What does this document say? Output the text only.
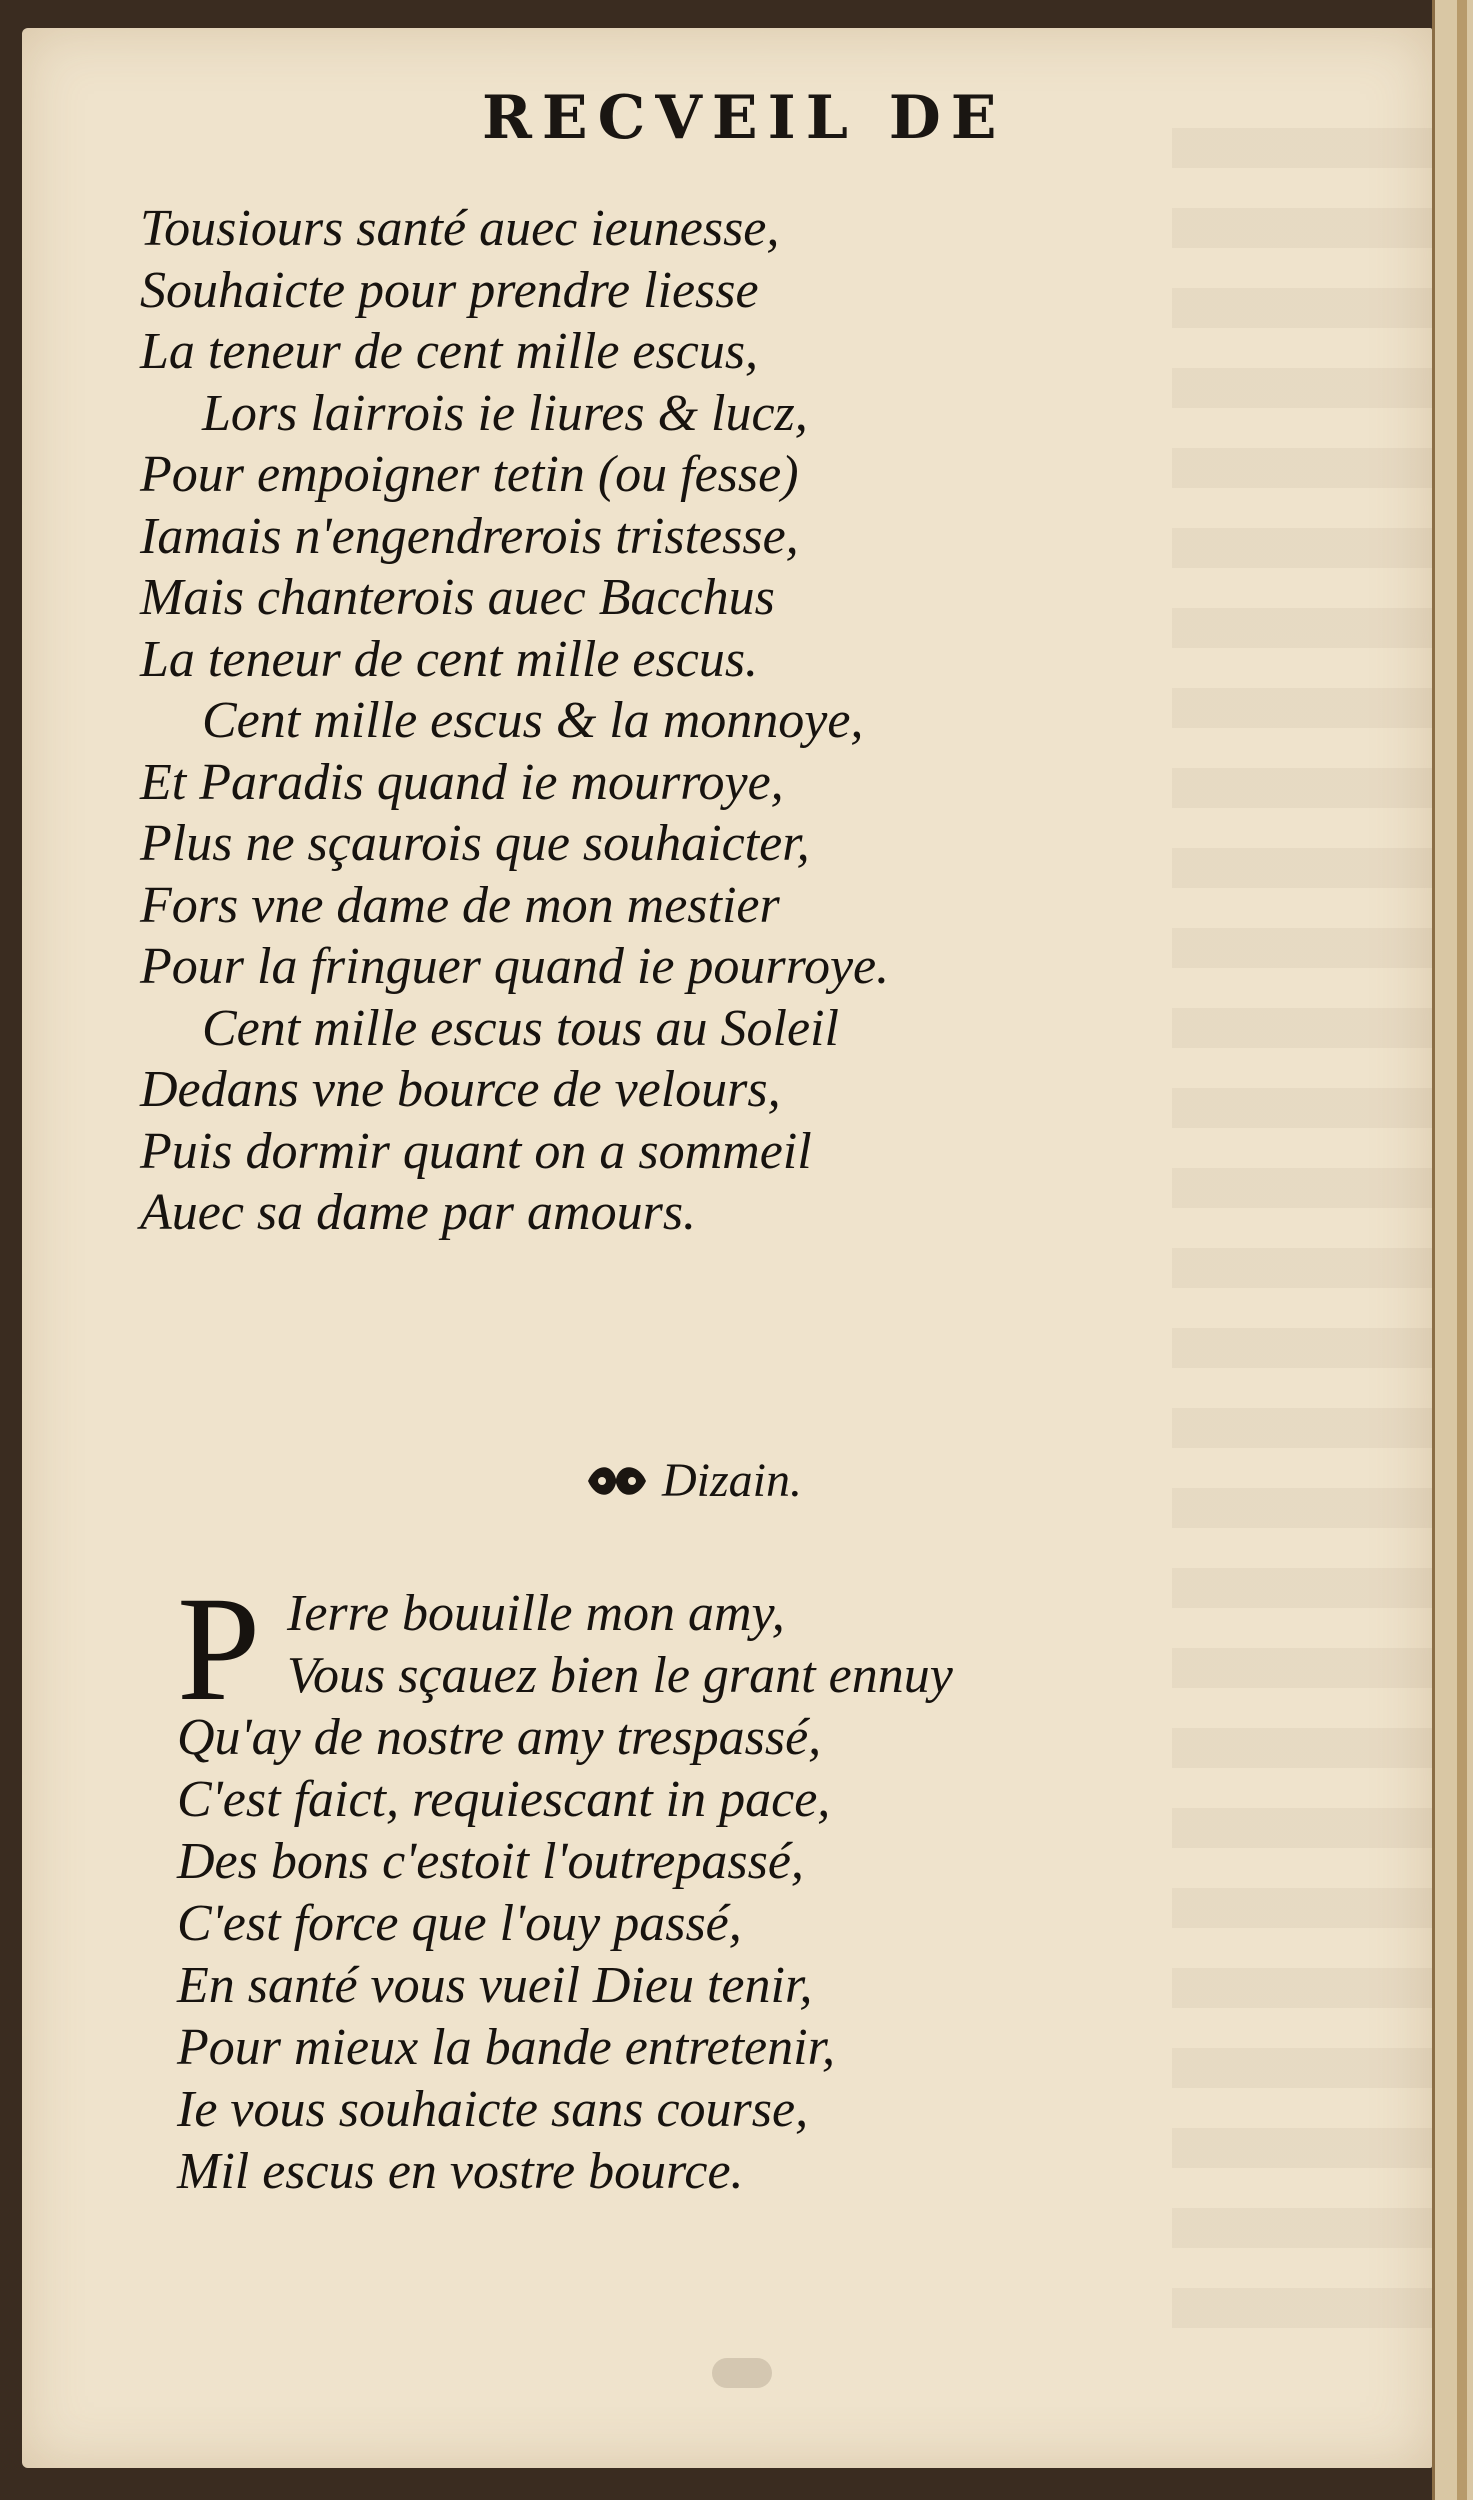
RECVEIL DE
Tousiours santé auec ieunesse,
Souhaicte pour prendre liesse
La teneur de cent mille escus,
Lors lairrois ie liures & lucz,
Pour empoigner tetin (ou fesse)
Iamais n'engendrerois tristesse,
Mais chanterois auec Bacchus
La teneur de cent mille escus.
Cent mille escus & la monnoye,
Et Paradis quand ie mourroye,
Plus ne sçaurois que souhaicter,
Fors vne dame de mon mestier
Pour la fringuer quand ie pourroye.
Cent mille escus tous au Soleil
Dedans vne bource de velours,
Puis dormir quant on a sommeil
Auec sa dame par amours.
Dizain.
P Ierre bouuille mon amy,
Vous sçauez bien le grant ennuy
Qu'ay de nostre amy trespassé,
C'est faict, requiescant in pace,
Des bons c'estoit l'outrepassé,
C'est force que l'ouy passé,
En santé vous vueil Dieu tenir,
Pour mieux la bande entretenir,
Ie vous souhaicte sans course,
Mil escus en vostre bource.
